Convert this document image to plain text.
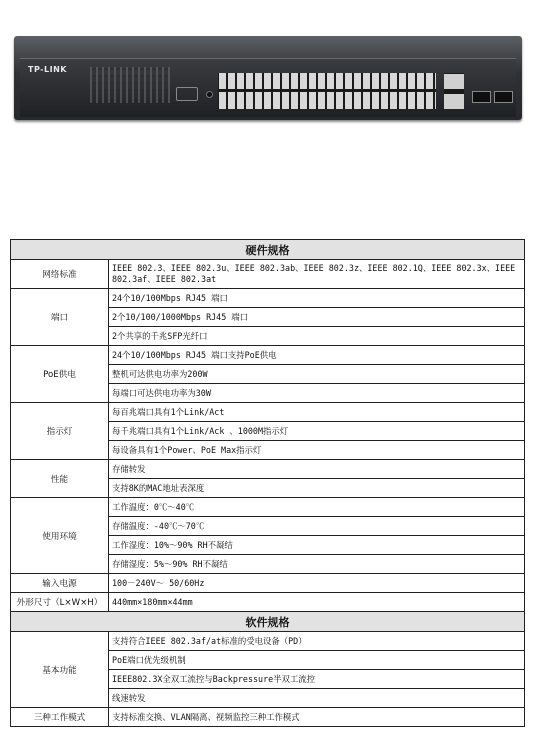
TP-LINK
硬件规格	
网络标准	IEEE 802.3、IEEE 802.3u、IEEE 802.3ab、IEEE 802.3z、IEEE 802.1Q、IEEE 802.3x、IEEE 802.3af、IEEE 802.3at
端口	24个10/100Mbps RJ45 端口
	2个10/100/1000Mbps RJ45 端口
	2个共享的千兆SFP光纤口
PoE供电	24个10/100Mbps RJ45 端口支持PoE供电
	整机可达供电功率为200W
	每端口可达供电功率为30W
指示灯	每百兆端口具有1个Link/Act
	每千兆端口具有1个Link/Ack 、1000M指示灯
	每设备具有1个Power、PoE Max指示灯
性能	存储转发
	支持8K的MAC地址表深度
使用环境	工作温度：0℃～40℃
	存储温度：-40℃～70℃
	工作湿度：10%～90% RH不凝结
	存储湿度：5%～90% RH不凝结
输入电源	100－240V～ 50/60Hz
外形尺寸（L×W×H）	440mm×180mm×44mm
软件规格	
基本功能	支持符合IEEE 802.3af/at标准的受电设备（PD）
	PoE端口优先级机制
	IEEE802.3X全双工流控与Backpressure半双工流控
	线速转发
三种工作模式	支持标准交换、VLAN隔离、视频监控三种工作模式
